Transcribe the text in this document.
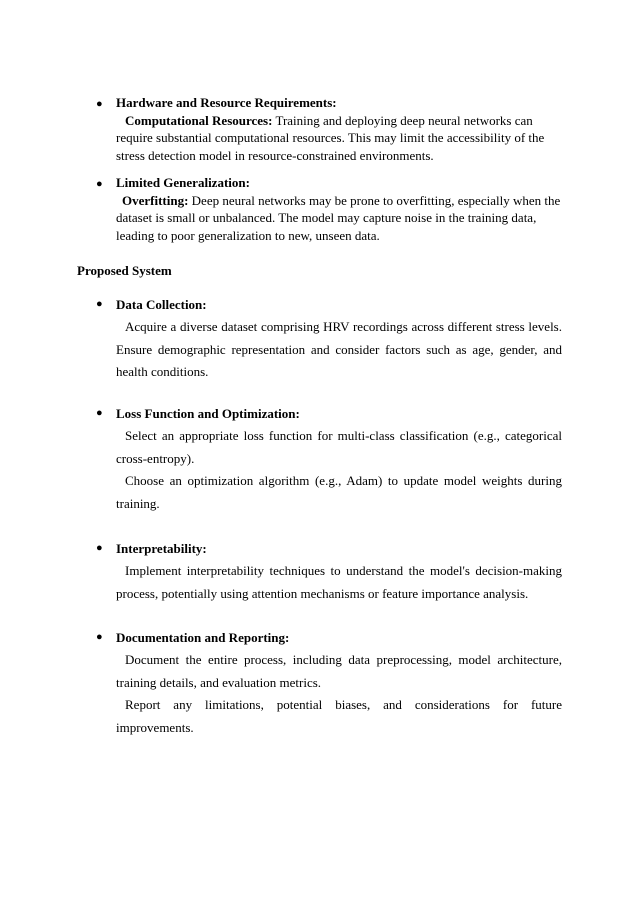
● Hardware and Resource Requirements:

Computational Resources: Training and deploying deep neural networks can require substantial computational resources. This may limit the accessibility of the stress detection model in resource-constrained environments.

● Limited Generalization:

Overfitting: Deep neural networks may be prone to overfitting, especially when the dataset is small or unbalanced. The model may capture noise in the training data, leading to poor generalization to new, unseen data.

Proposed System
● Data Collection:

Acquire a diverse dataset comprising HRV recordings across different stress levels. Ensure demographic representation and consider factors such as age, gender, and health conditions.

● Loss Function and Optimization:

Select an appropriate loss function for multi-class classification (e.g., categorical cross-entropy).

Choose an optimization algorithm (e.g., Adam) to update model weights during training.

● Interpretability:

Implement interpretability techniques to understand the model's decision-making process, potentially using attention mechanisms or feature importance analysis.

● Documentation and Reporting:

Document the entire process, including data preprocessing, model architecture, training details, and evaluation metrics.

Report any limitations, potential biases, and considerations for future improvements.
